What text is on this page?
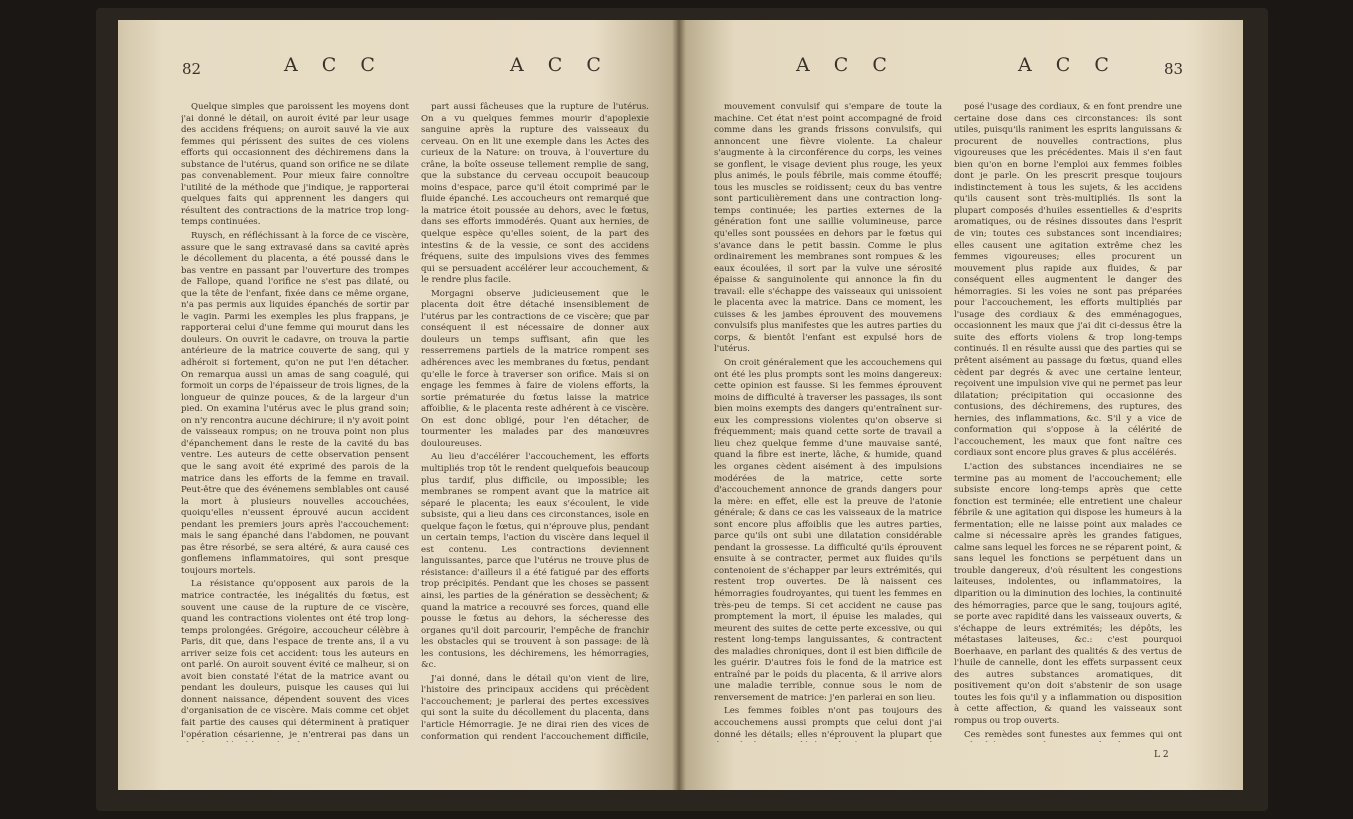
82	A C C	A C C

Quelque simples que paroissent les moyens dont j'ai donné le détail, on auroit évité par leur usage des accidens fréquens; on auroit sauvé la vie aux femmes qui périssent des suites de ces violens efforts qui occasionnent des déchiremens dans la substance de l'utérus, quand son orifice ne se dilate pas convenablement. Pour mieux faire connoître l'utilité de la méthode que j'indique, je rapporterai quelques faits qui apprennent les dangers qui résultent des contractions de la matrice trop long-temps continuées.

Ruysch, en réfléchissant à la force de ce viscère, assure que le sang extravasé dans sa cavité après le décollement du placenta, a été poussé dans le bas ventre en passant par l'ouverture des trompes de Fallope, quand l'orifice ne s'est pas dilaté, ou que la tête de l'enfant, fixée dans ce même organe, n'a pas permis aux liquides épanchés de sortir par le vagin. Parmi les exemples les plus frappans, je rapporterai celui d'une femme qui mourut dans les douleurs. On ouvrit le cadavre, on trouva la partie antérieure de la matrice couverte de sang, qui y adhéroit si fortement, qu'on ne put l'en détacher. On remarqua aussi un amas de sang coagulé, qui formoit un corps de l'épaisseur de trois lignes, de la longueur de quinze pouces, & de la largeur d'un pied. On examina l'utérus avec le plus grand soin; on n'y rencontra aucune déchirure; il n'y avoit point de vaisseaux rompus; on ne trouva point non plus d'épanchement dans le reste de la cavité du bas ventre. Les auteurs de cette observation pensent que le sang avoit été exprimé des parois de la matrice dans les efforts de la femme en travail. Peut-être que des événemens semblables ont causé la mort à plusieurs nouvelles accouchées, quoiqu'elles n'eussent éprouvé aucun accident pendant les premiers jours après l'accouchement: mais le sang épanché dans l'abdomen, ne pouvant pas être résorbé, se sera altéré, & aura causé ces gonflemens inflammatoires, qui sont presque toujours mortels.

La résistance qu'opposent aux parois de la matrice contractée, les inégalités du fœtus, est souvent une cause de la rupture de ce viscère, quand les contractions violentes ont été trop long-temps prolongées. Grégoire, accoucheur célèbre à Paris, dit que, dans l'espace de trente ans, il a vu arriver seize fois cet accident: tous les auteurs en ont parlé. On auroit souvent évité ce malheur, si on avoit bien constaté l'état de la matrice avant ou pendant les douleurs, puisque les causes qui lui donnent naissance, dépendent souvent des vices d'organisation de ce viscère. Mais comme cet objet fait partie des causes qui déterminent à pratiquer l'opération césarienne, je n'entrerai pas dans un

part aussi fâcheuses que la rupture de l'utérus. On a vu quelques femmes mourir d'apoplexie sanguine après la rupture des vaisseaux du cerveau. On en lit une exemple dans les Actes des curieux de la Nature: on trouva, à l'ouverture du crâne, la boîte osseuse tellement remplie de sang, que la substance du cerveau occupoit beaucoup moins d'espace, parce qu'il étoit comprimé par le fluide épanché. Les accoucheurs ont remarqué que la matrice étoit poussée au dehors, avec le fœtus, dans ses efforts immodérés. Quant aux hernies, de quelque espèce qu'elles soient, de la part des intestins & de la vessie, ce sont des accidens fréquens, suite des impulsions vives des femmes qui se persuadent accélérer leur accouchement, & le rendre plus facile.

Morgagni observe judicieusement que le placenta doit être détaché insensiblement de l'utérus par les contractions de ce viscère; que par conséquent il est nécessaire de donner aux douleurs un temps suffisant, afin que les resserremens partiels de la matrice rompent ses adhérences avec les membranes du fœtus, pendant qu'elle le force à traverser son orifice. Mais si on engage les femmes à faire de violens efforts, la sortie prématurée du fœtus laisse la matrice affoiblie, & le placenta reste adhérent à ce viscère. On est donc obligé, pour l'en détacher, de tourmenter les malades par des manœuvres douloureuses.

Au lieu d'accélérer l'accouchement, les efforts multipliés trop tôt le rendent quelquefois beaucoup plus tardif, plus difficile, ou impossible; les membranes se rompent avant que la matrice ait séparé le placenta; les eaux s'écoulent, le vide subsiste, qui a lieu dans ces circonstances, isole en quelque façon le fœtus, qui n'éprouve plus, pendant un certain temps, l'action du viscère dans lequel il est contenu. Les contractions deviennent languissantes, parce que l'utérus ne trouve plus de résistance: d'ailleurs il a été fatigué par des efforts trop précipités. Pendant que les choses se passent ainsi, les parties de la génération se dessèchent; & quand la matrice a recouvré ses forces, quand elle pousse le fœtus au dehors, la sécheresse des organes qu'il doit parcourir, l'empêche de franchir les obstacles qui se trouvent à son passage: de là les contusions, les déchiremens, les hémorragies, &c.

J'ai donné, dans le détail qu'on vient de lire, l'histoire des principaux accidens qui précèdent l'accouchement; je parlerai des pertes excessives qui sont la suite du décollement du placenta, dans l'article Hémorragie. Je ne dirai rien des vices de conformation qui rendent l'accouchement difficile,

A C C	A C C	83

mouvement convulsif qui s'empare de toute la machine. Cet état n'est point accompagné de froid comme dans les grands frissons convulsifs, qui annoncent une fièvre violente. La chaleur s'augmente à la circonférence du corps, les veines se gonflent, le visage devient plus rouge, les yeux plus animés, le pouls fébrile, mais comme étouffé; tous les muscles se roidissent; ceux du bas ventre sont particulièrement dans une contraction long-temps continuée; les parties externes de la génération font une saillie volumineuse, parce qu'elles sont poussées en dehors par le fœtus qui s'avance dans le petit bassin. Comme le plus ordinairement les membranes sont rompues & les eaux écoulées, il sort par la vulve une sérosité épaisse & sanguinolente qui annonce la fin du travail: elle s'échappe des vaisseaux qui unissoient le placenta avec la matrice. Dans ce moment, les cuisses & les jambes éprouvent des mouvemens convulsifs plus manifestes que les autres parties du corps, & bientôt l'enfant est expulsé hors de l'utérus.

On croit généralement que les accouchemens qui ont été les plus prompts sont les moins dangereux: cette opinion est fausse. Si les femmes éprouvent moins de difficulté à traverser les passages, ils sont bien moins exempts des dangers qu'entraînent sur-eux les compressions violentes qu'on observe si fréquemment; mais quand cette sorte de travail a lieu chez quelque femme d'une mauvaise santé, quand la fibre est inerte, lâche, & humide, quand les organes cèdent aisément à des impulsions modérées de la matrice, cette sorte d'accouchement annonce de grands dangers pour la mère: en effet, elle est la preuve de l'atonie générale; & dans ce cas les vaisseaux de la matrice sont encore plus affoiblis que les autres parties, parce qu'ils ont subi une dilatation considérable pendant la grossesse. La difficulté qu'ils éprouvent ensuite à se contracter, permet aux fluides qu'ils contenoient de s'échapper par leurs extrémités, qui restent trop ouvertes. De là naissent ces hémorragies foudroyantes, qui tuent les femmes en très-peu de temps. Si cet accident ne cause pas promptement la mort, il épuise les malades, qui meurent des suites de cette perte excessive, ou qui restent long-temps languissantes, & contractent des maladies chroniques, dont il est bien difficile de les guérir. D'autres fois le fond de la matrice est entraîné par le poids du placenta, & il arrive alors une maladie terrible, connue sous le nom de renversement de matrice: j'en parlerai en son lieu.

Les femmes foibles n'ont pas toujours des accouchemens aussi prompts que celui dont j'ai donné les détails; elles n'éprouvent la plupart que

posé l'usage des cordiaux, & en font prendre une certaine dose dans ces circonstances: ils sont utiles, puisqu'ils raniment les esprits languissans & procurent de nouvelles contractions, plus vigoureuses que les précédentes. Mais il s'en faut bien qu'on en borne l'emploi aux femmes foibles dont je parle. On les prescrit presque toujours indistinctement à tous les sujets, & les accidens qu'ils causent sont très-multipliés. Ils sont la plupart composés d'huiles essentielles & d'esprits aromatiques, ou de résines dissoutes dans l'esprit de vin; toutes ces substances sont incendiaires; elles causent une agitation extrême chez les femmes vigoureuses; elles procurent un mouvement plus rapide aux fluides, & par conséquent elles augmentent le danger des hémorragies. Si les voies ne sont pas préparées pour l'accouchement, les efforts multipliés par l'usage des cordiaux & des emménagogues, occasionnent les maux que j'ai dit ci-dessus être la suite des efforts violens & trop long-temps continués. Il en résulte aussi que des parties qui se prêtent aisément au passage du fœtus, quand elles cèdent par degrés & avec une certaine lenteur, reçoivent une impulsion vive qui ne permet pas leur dilatation; précipitation qui occasionne des contusions, des déchiremens, des ruptures, des hernies, des inflammations, &c. S'il y a vice de conformation qui s'oppose à la célérité de l'accouchement, les maux que font naître ces cordiaux sont encore plus graves & plus accélérés.

L'action des substances incendiaires ne se termine pas au moment de l'accouchement; elle subsiste encore long-temps après que cette fonction est terminée; elle entretient une chaleur fébrile & une agitation qui dispose les humeurs à la fermentation; elle ne laisse point aux malades ce calme si nécessaire après les grandes fatigues, calme sans lequel les forces ne se réparent point, & sans lequel les fonctions se perpétuent dans un trouble dangereux, d'où résultent les congestions laiteuses, indolentes, ou inflammatoires, la diparition ou la diminution des lochies, la continuité des hémorragies, parce que le sang, toujours agité, se porte avec rapidité dans les vaisseaux ouverts, & s'échappe de leurs extrémités; les dépôts, les métastases laiteuses, &c.: c'est pourquoi Boerhaave, en parlant des qualités & des vertus de l'huile de cannelle, dont les effets surpassent ceux des autres substances aromatiques, dit positivement qu'on doit s'abstenir de son usage toutes les fois qu'il y a inflammation ou disposition à cette affection, & quand les vaisseaux sont rompus ou trop ouverts.

Ces remèdes sont funestes aux femmes qui ont

L 2
